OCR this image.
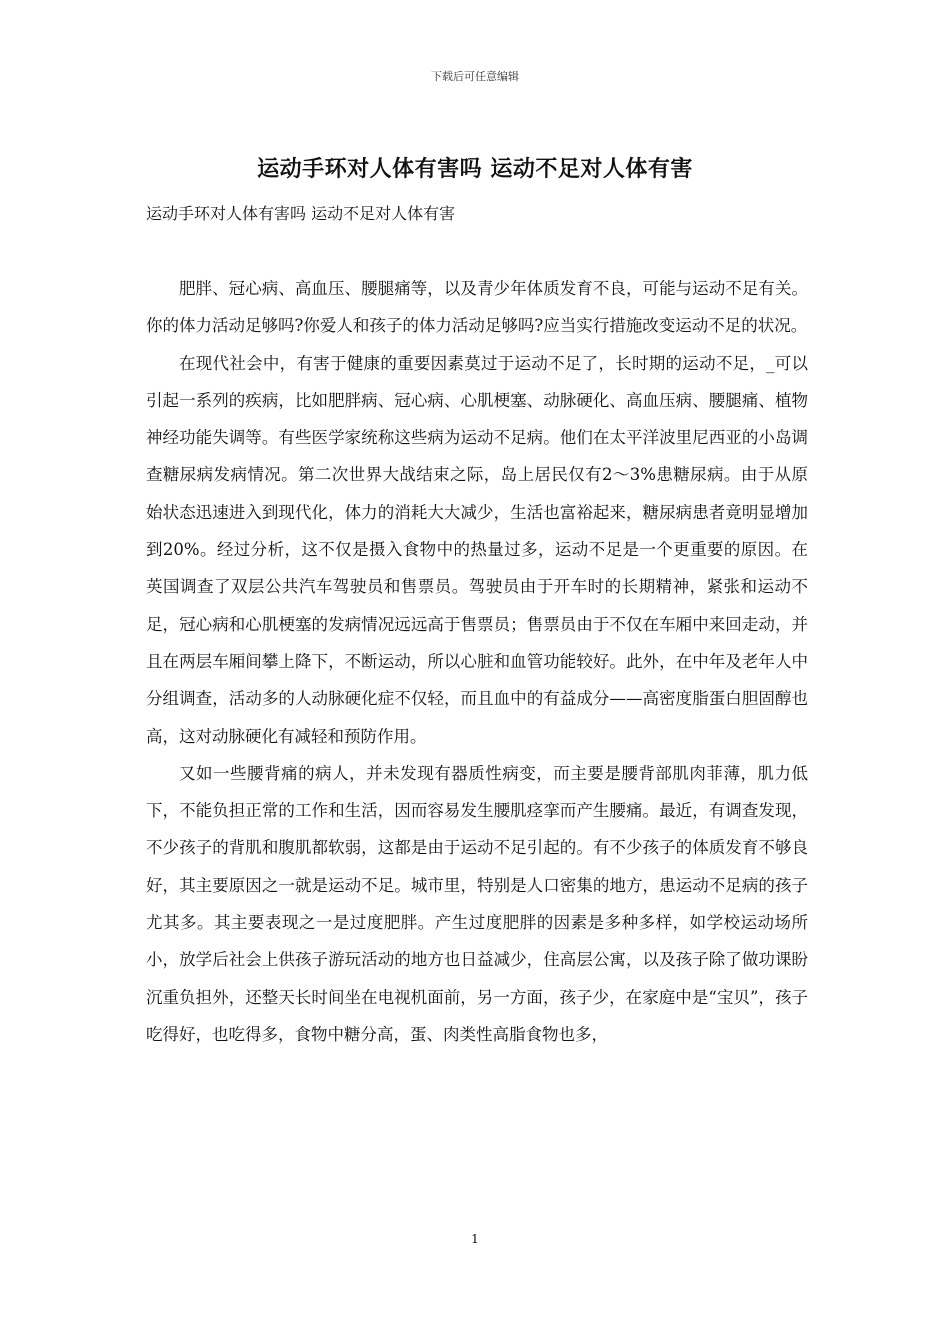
下载后可任意编辑
运动手环对人体有害吗 运动不足对人体有害
运动手环对人体有害吗 运动不足对人体有害

肥胖、冠心病、高血压、腰腿痛等，以及青少年体质发育不良，可能与运动不足有关。 你的体力活动足够吗?你爱人和孩子的体力活动足够吗?应当实行措施改变运动不足的状况。

在现代社会中，有害于健康的重要因素莫过于运动不足了，长时期的运动不足，_可以引起一系列的疾病，比如肥胖病、冠心病、心肌梗塞、动脉硬化、高血压病、腰腿痛、植物神经功能失调等。有些医学家统称这些病为运动不足病。他们在太平洋波里尼西亚的小岛调查糖尿病发病情况。第二次世界大战结束之际，岛上居民仅有2～3%患糖尿病。由于从原始状态迅速进入到现代化，体力的消耗大大减少，生活也富裕起来，糖尿病患者竟明显增加到20%。经过分析，这不仅是摄入食物中的热量过多，运动不足是一个更重要的原因。在英国调查了双层公共汽车驾驶员和售票员。驾驶员由于开车时的长期精神，紧张和运动不足，冠心病和心肌梗塞的发病情况远远高于售票员；售票员由于不仅在车厢中来回走动，并且在两层车厢间攀上降下，不断运动，所以心脏和血管功能较好。此外，在中年及老年人中分组调查，活动多的人动脉硬化症不仅轻，而且血中的有益成分——高密度脂蛋白胆固醇也高，这对动脉硬化有减轻和预防作用。

又如一些腰背痛的病人，并未发现有器质性病变，而主要是腰背部肌肉菲薄，肌力低下，不能负担正常的工作和生活，因而容易发生腰肌痉挛而产生腰痛。最近，有调查发现，不少孩子的背肌和腹肌都软弱，这都是由于运动不足引起的。有不少孩子的体质发育不够良好，其主要原因之一就是运动不足。城市里，特别是人口密集的地方，患运动不足病的孩子尤其多。其主要表现之一是过度肥胖。产生过度肥胖的因素是多种多样，如学校运动场所小，放学后社会上供孩子游玩活动的地方也日益减少，住高层公寓，以及孩子除了做功课盼沉重负担外，还整天长时间坐在电视机面前，另一方面，孩子少，在家庭中是“宝贝”，孩子吃得好，也吃得多，食物中糖分高，蛋、肉类性高脂食物也多，

1
